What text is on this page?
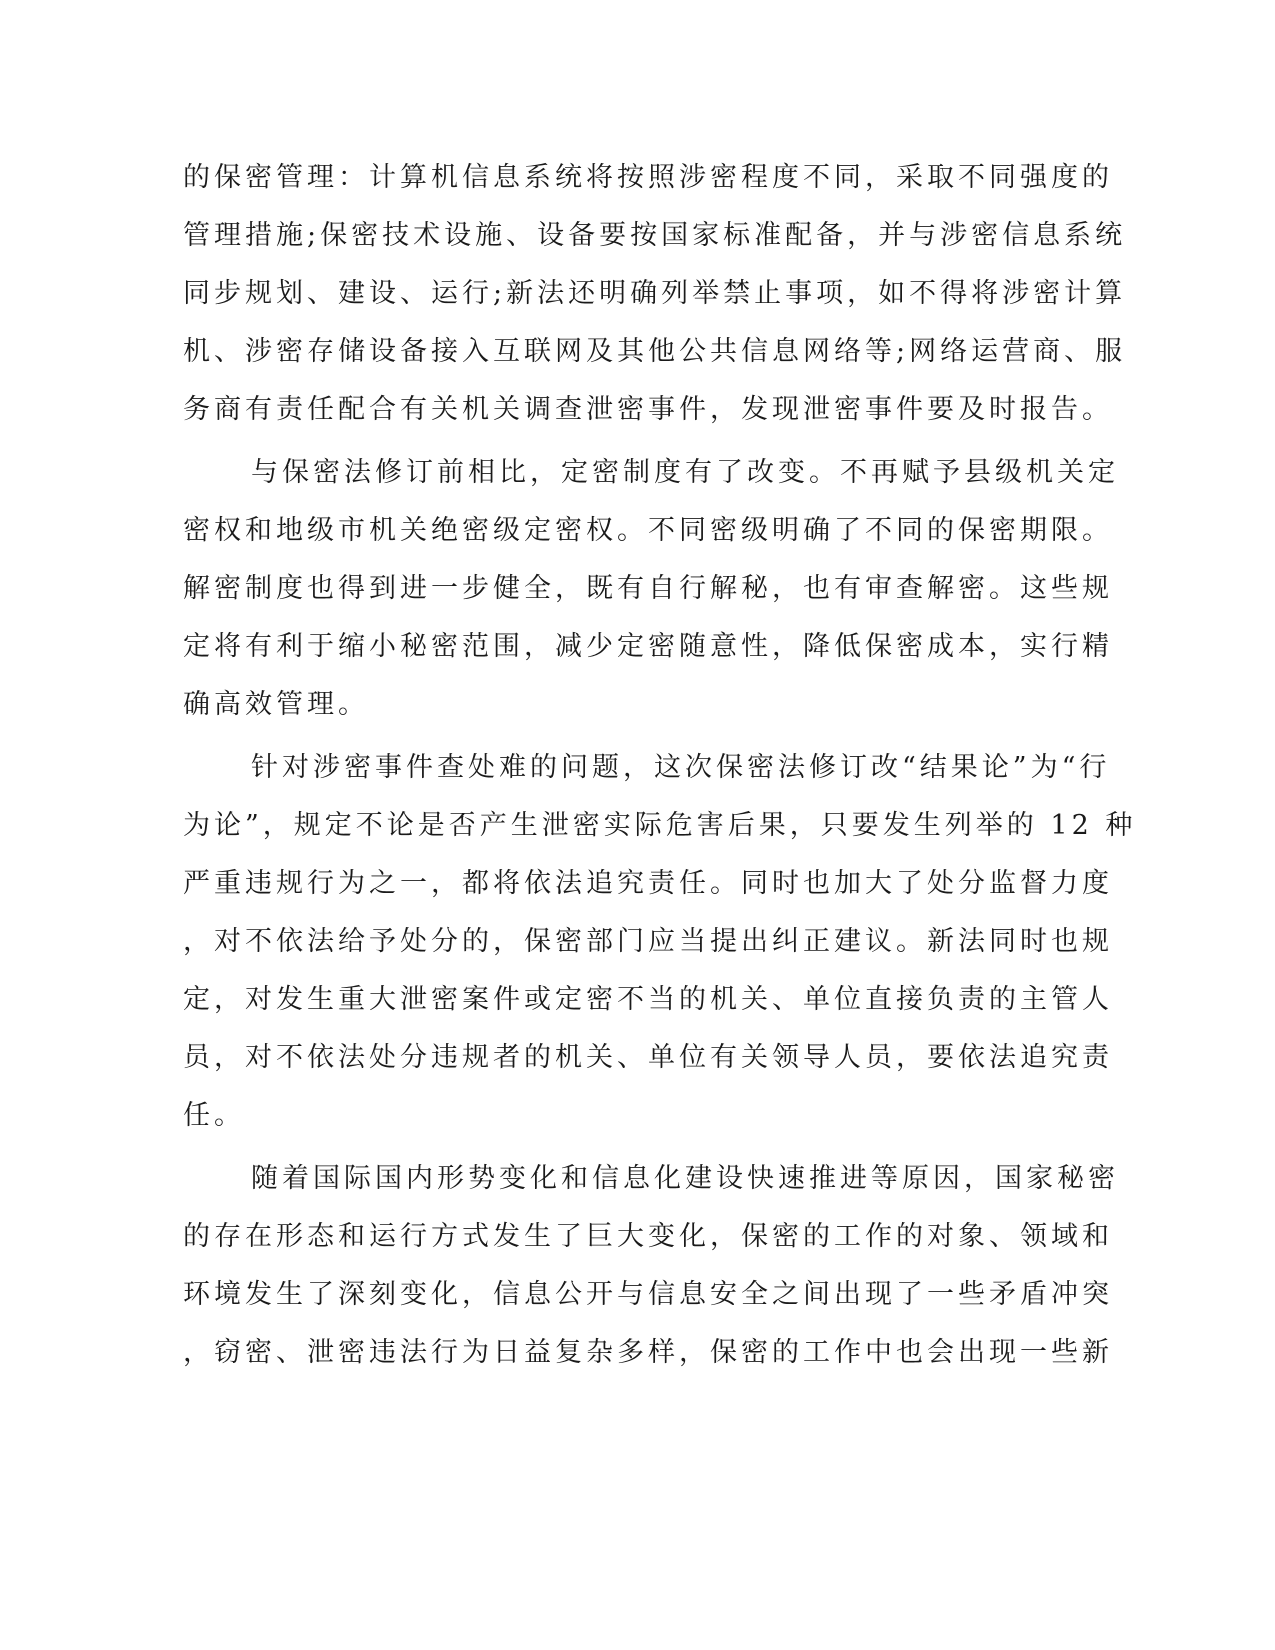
的保密管理：计算机信息系统将按照涉密程度不同，采取不同强度的
管理措施;保密技术设施、设备要按国家标准配备，并与涉密信息系统
同步规划、建设、运行;新法还明确列举禁止事项，如不得将涉密计算
机、涉密存储设备接入互联网及其他公共信息网络等;网络运营商、服
务商有责任配合有关机关调查泄密事件，发现泄密事件要及时报告。
与保密法修订前相比，定密制度有了改变。不再赋予县级机关定
密权和地级市机关绝密级定密权。不同密级明确了不同的保密期限。
解密制度也得到进一步健全，既有自行解秘，也有审查解密。这些规
定将有利于缩小秘密范围，减少定密随意性，降低保密成本，实行精
确高效管理。
针对涉密事件查处难的问题，这次保密法修订改“结果论”为“行
为论”，规定不论是否产生泄密实际危害后果，只要发生列举的 12 种
严重违规行为之一，都将依法追究责任。同时也加大了处分监督力度
，对不依法给予处分的，保密部门应当提出纠正建议。新法同时也规
定，对发生重大泄密案件或定密不当的机关、单位直接负责的主管人
员，对不依法处分违规者的机关、单位有关领导人员，要依法追究责
任。
随着国际国内形势变化和信息化建设快速推进等原因，国家秘密
的存在形态和运行方式发生了巨大变化，保密的工作的对象、领域和
环境发生了深刻变化，信息公开与信息安全之间出现了一些矛盾冲突
，窃密、泄密违法行为日益复杂多样，保密的工作中也会出现一些新
